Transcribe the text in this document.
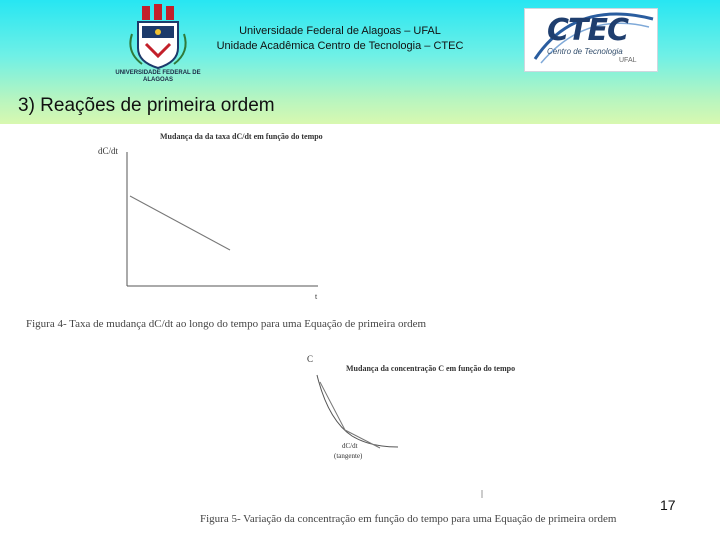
UNIVERSIDADE FEDERAL DE ALAGOAS
Universidade Federal de Alagoas – UFAL
Unidade Acadêmica Centro de Tecnologia – CTEC	CTEC
Centro de Tecnologia
UFAL
3) Reações de primeira ordem
Mudança da da taxa dC/dt em função do tempo
dC/dt
t
Figura 4- Taxa de mudança dC/dt ao longo do tempo para uma Equação de primeira ordem
C
Mudança da concentração C em função do tempo
dC/dt
(tangente)
Figura 5- Variação da concentração em função do tempo para uma Equação de primeira ordem
17
